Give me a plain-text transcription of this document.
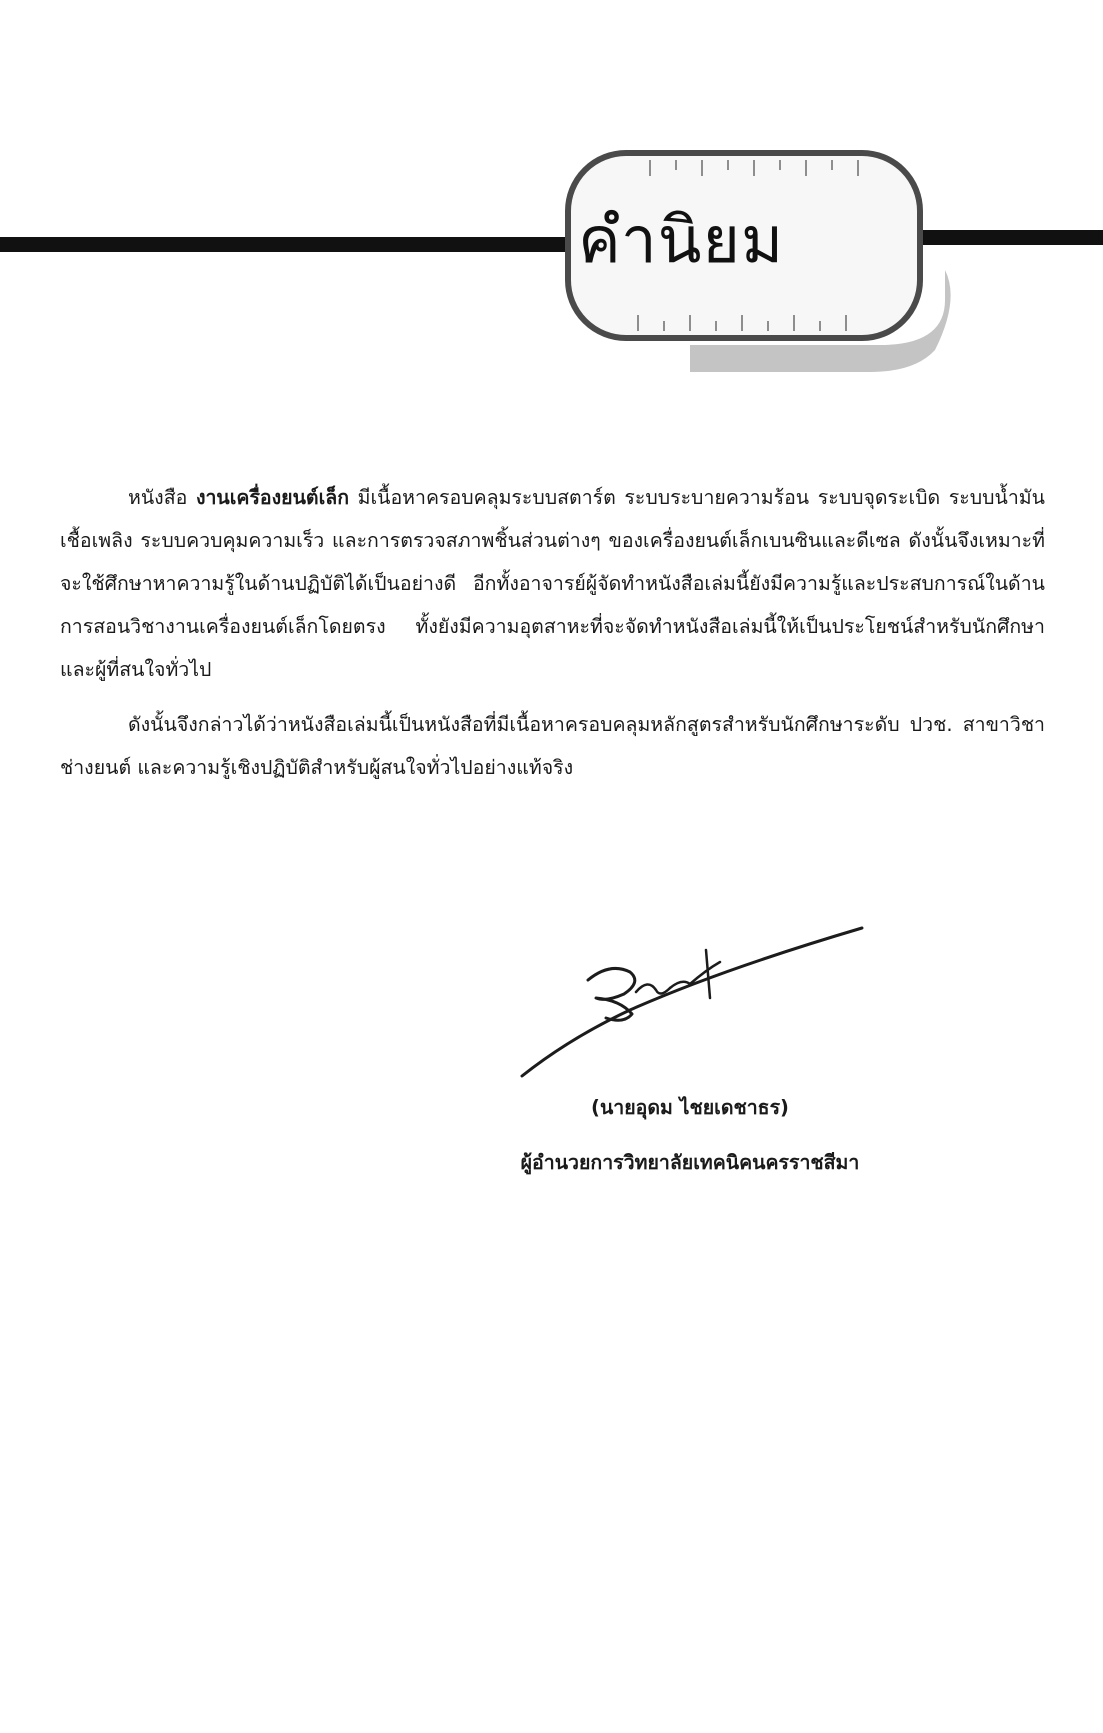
คำนิยม

หนังสือ งานเครื่องยนต์เล็ก มีเนื้อหาครอบคลุมระบบสตาร์ต ระบบระบายความร้อน ระบบจุดระเบิด ระบบน้ำมันเชื้อเพลิง ระบบควบคุมความเร็ว และการตรวจสภาพชิ้นส่วนต่างๆ ของเครื่องยนต์เล็กเบนซินและดีเซล ดังนั้นจึงเหมาะที่จะใช้ศึกษาหาความรู้ในด้านปฏิบัติได้เป็นอย่างดี อีกทั้งอาจารย์ผู้จัดทำหนังสือเล่มนี้ยังมีความรู้และประสบการณ์ในด้านการสอนวิชางานเครื่องยนต์เล็กโดยตรง ทั้งยังมีความอุตสาหะที่จะจัดทำหนังสือเล่มนี้ให้เป็นประโยชน์สำหรับนักศึกษาและผู้ที่สนใจทั่วไป

ดังนั้นจึงกล่าวได้ว่าหนังสือเล่มนี้เป็นหนังสือที่มีเนื้อหาครอบคลุมหลักสูตรสำหรับนักศึกษาระดับ ปวช. สาขาวิชาช่างยนต์ และความรู้เชิงปฏิบัติสำหรับผู้สนใจทั่วไปอย่างแท้จริง

(นายอุดม ไชยเดชาธร)
ผู้อำนวยการวิทยาลัยเทคนิคนครราชสีมา
